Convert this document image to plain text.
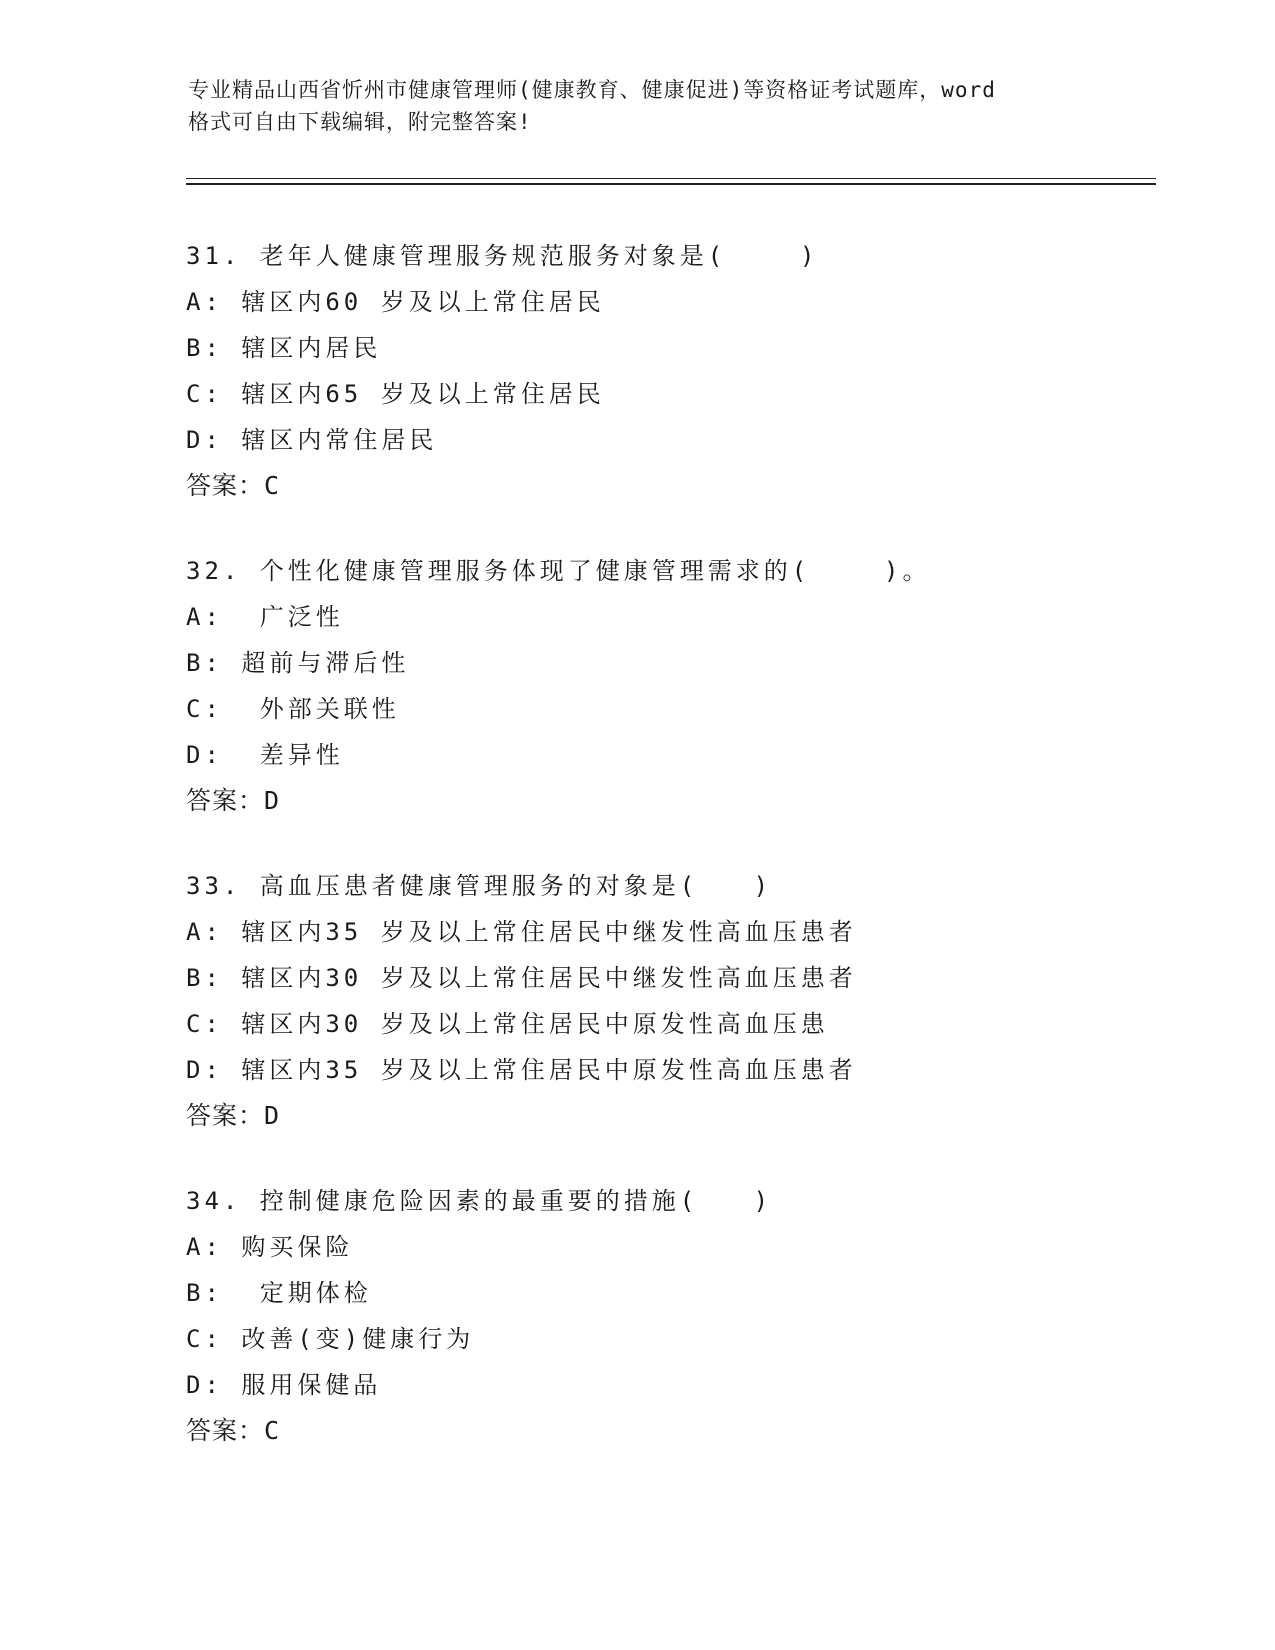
专业精品山西省忻州市健康管理师(健康教育、健康促进)等资格证考试题库，word
格式可自由下载编辑，附完整答案!
31. 老年人健康管理服务规范服务对象是(    )
A: 辖区内60 岁及以上常住居民
B: 辖区内居民
C: 辖区内65 岁及以上常住居民
D: 辖区内常住居民
答案：C
32. 个性化健康管理服务体现了健康管理需求的(    )。
A:  广泛性
B: 超前与滞后性
C:  外部关联性
D:  差异性
答案：D
33. 高血压患者健康管理服务的对象是(   )
A: 辖区内35 岁及以上常住居民中继发性高血压患者
B: 辖区内30 岁及以上常住居民中继发性高血压患者
C: 辖区内30 岁及以上常住居民中原发性高血压患
D: 辖区内35 岁及以上常住居民中原发性高血压患者
答案：D
34. 控制健康危险因素的最重要的措施(   )
A: 购买保险
B:  定期体检
C: 改善(变)健康行为
D: 服用保健品
答案：C
